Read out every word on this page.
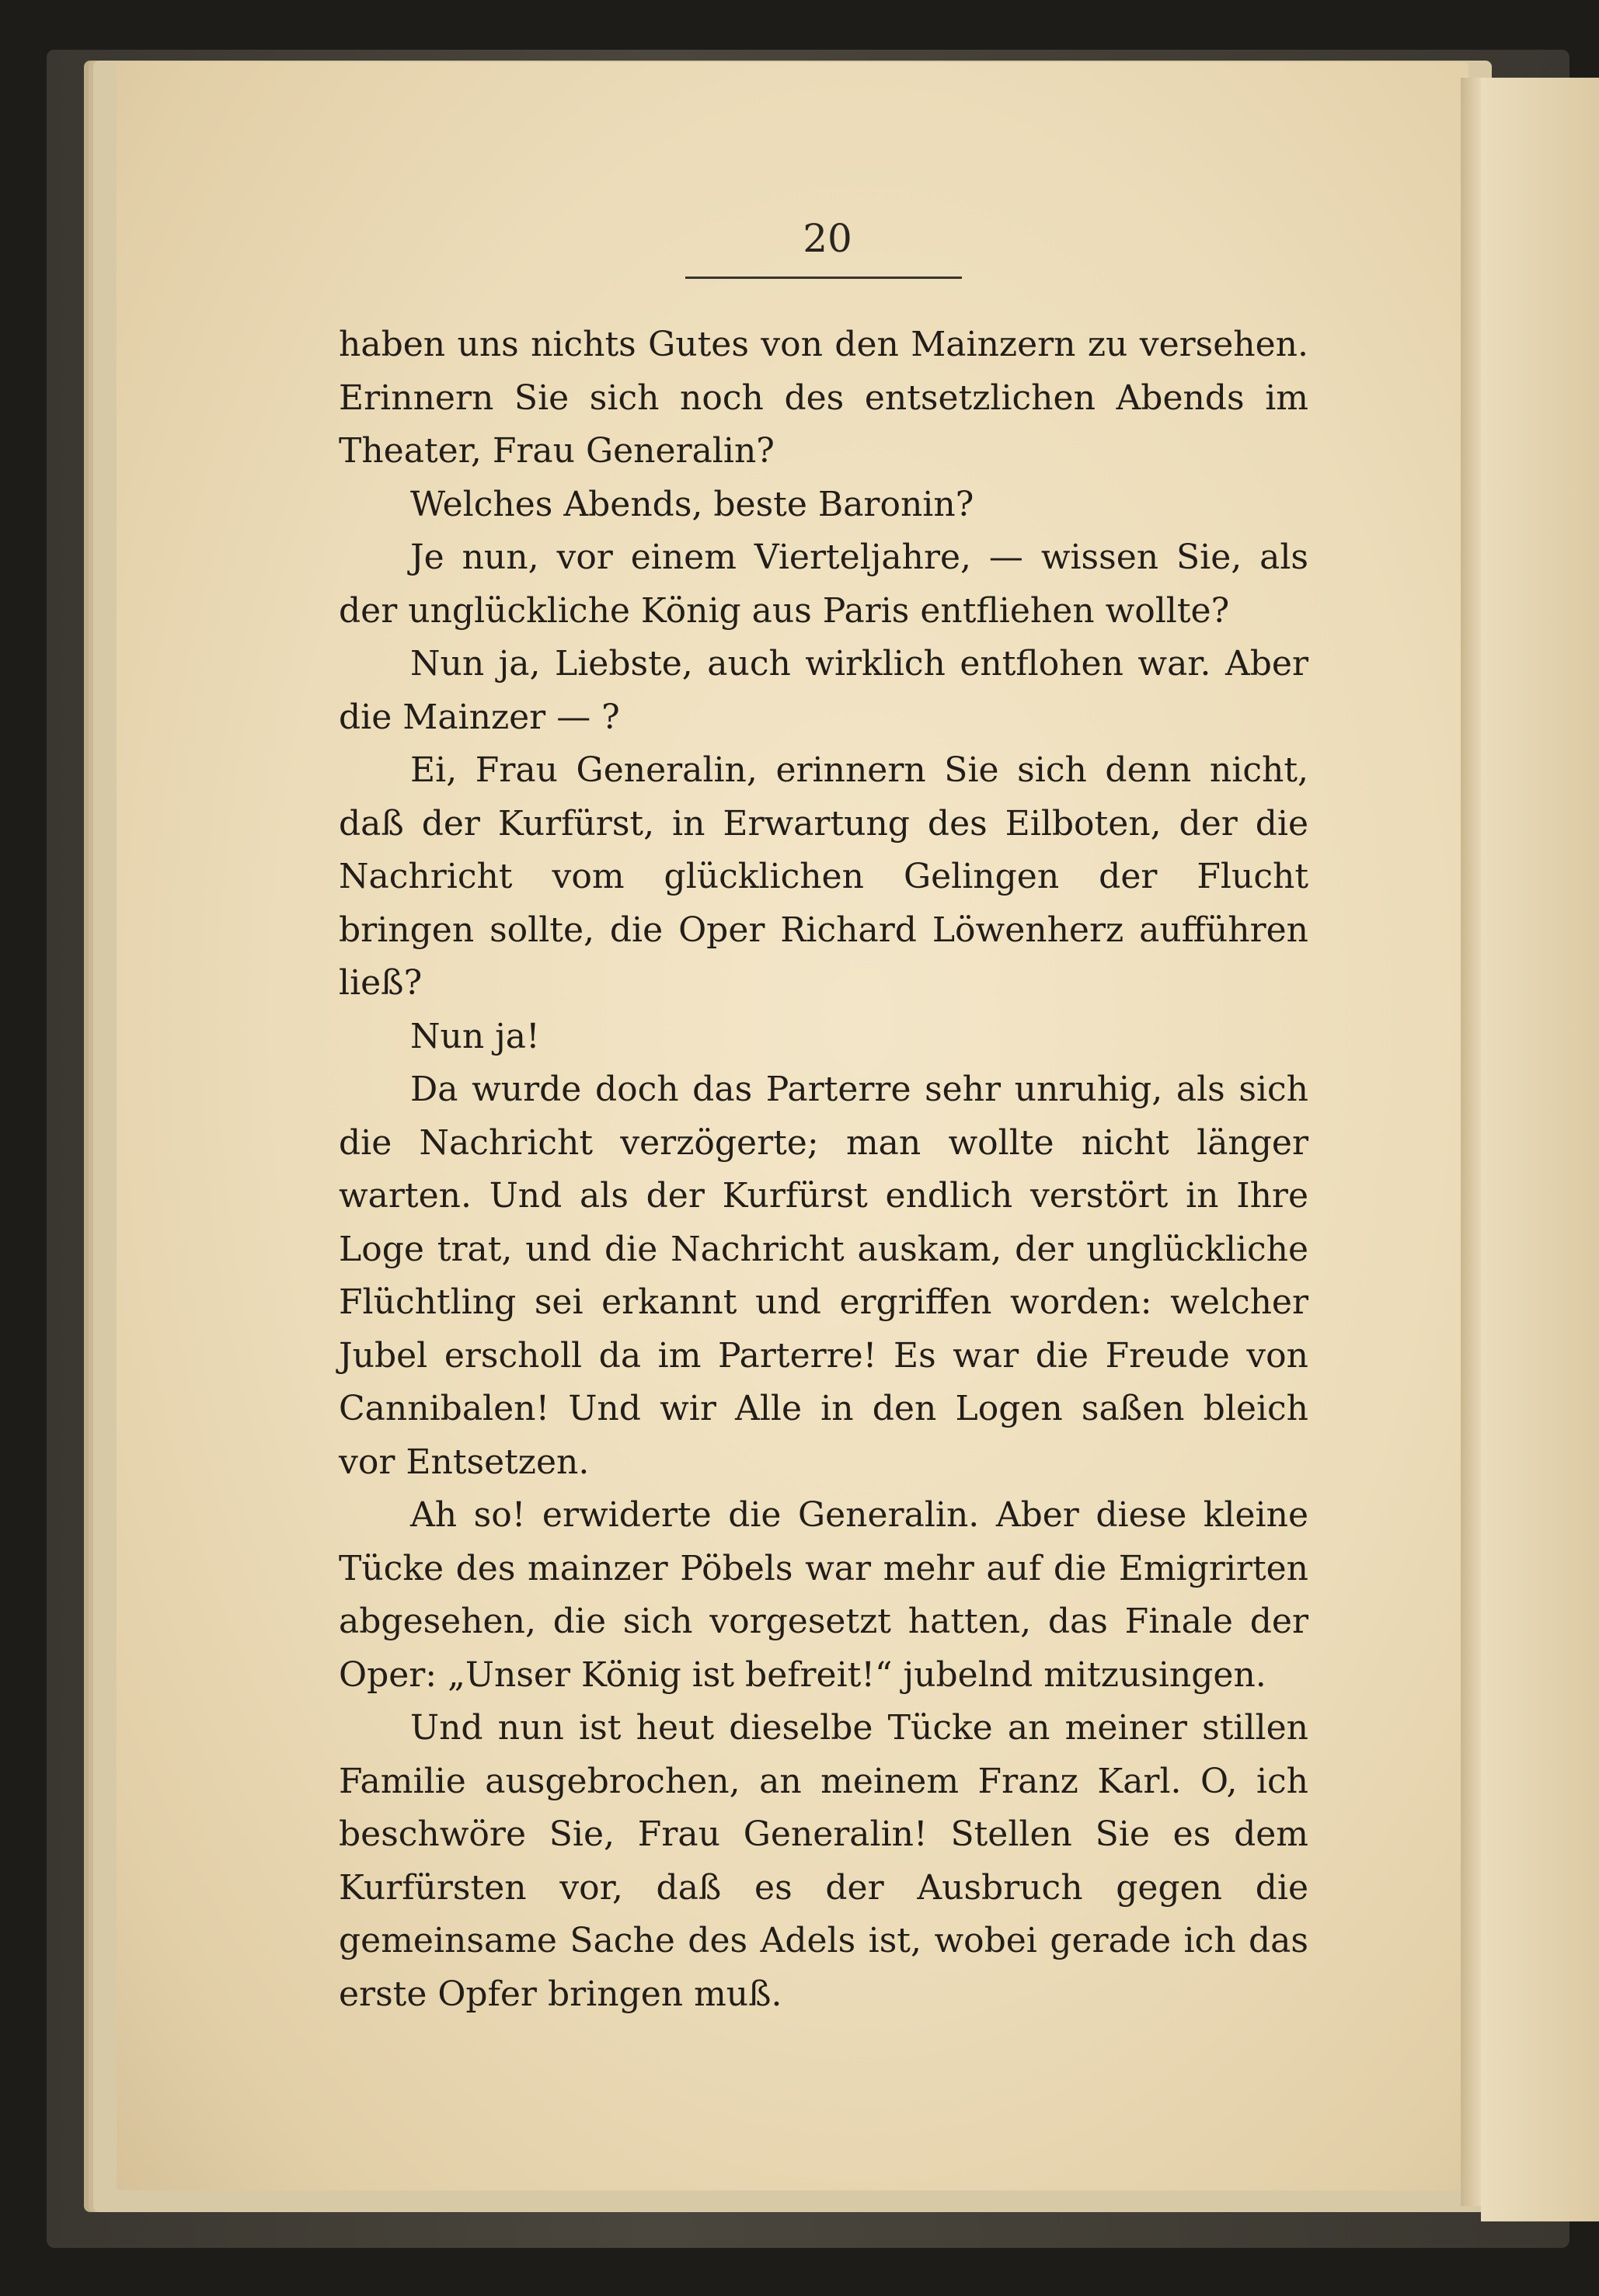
20

haben uns nichts Gutes von den Mainzern zu versehen. Erinnern Sie sich noch des entsetzlichen Abends im Theater, Frau Generalin?

Welches Abends, beste Baronin?

Je nun, vor einem Vierteljahre, — wissen Sie, als der unglückliche König aus Paris entfliehen wollte?

Nun ja, Liebste, auch wirklich entflohen war. Aber die Mainzer — ?

Ei, Frau Generalin, erinnern Sie sich denn nicht, daß der Kurfürst, in Erwartung des Eilboten, der die Nachricht vom glücklichen Gelingen der Flucht bringen sollte, die Oper Richard Löwenherz aufführen ließ?

Nun ja!

Da wurde doch das Parterre sehr unruhig, als sich die Nachricht verzögerte; man wollte nicht länger warten. Und als der Kurfürst endlich verstört in Ihre Loge trat, und die Nachricht auskam, der unglückliche Flüchtling sei erkannt und ergriffen worden: welcher Jubel erscholl da im Parterre! Es war die Freude von Cannibalen! Und wir Alle in den Logen saßen bleich vor Entsetzen.

Ah so! erwiderte die Generalin. Aber diese kleine Tücke des mainzer Pöbels war mehr auf die Emigrirten abgesehen, die sich vorgesetzt hatten, das Finale der Oper: „Unser König ist befreit!“ jubelnd mitzusingen.

Und nun ist heut dieselbe Tücke an meiner stillen Familie ausgebrochen, an meinem Franz Karl. O, ich beschwöre Sie, Frau Generalin! Stellen Sie es dem Kurfürsten vor, daß es der Ausbruch gegen die gemeinsame Sache des Adels ist, wobei gerade ich das erste Opfer bringen muß.
